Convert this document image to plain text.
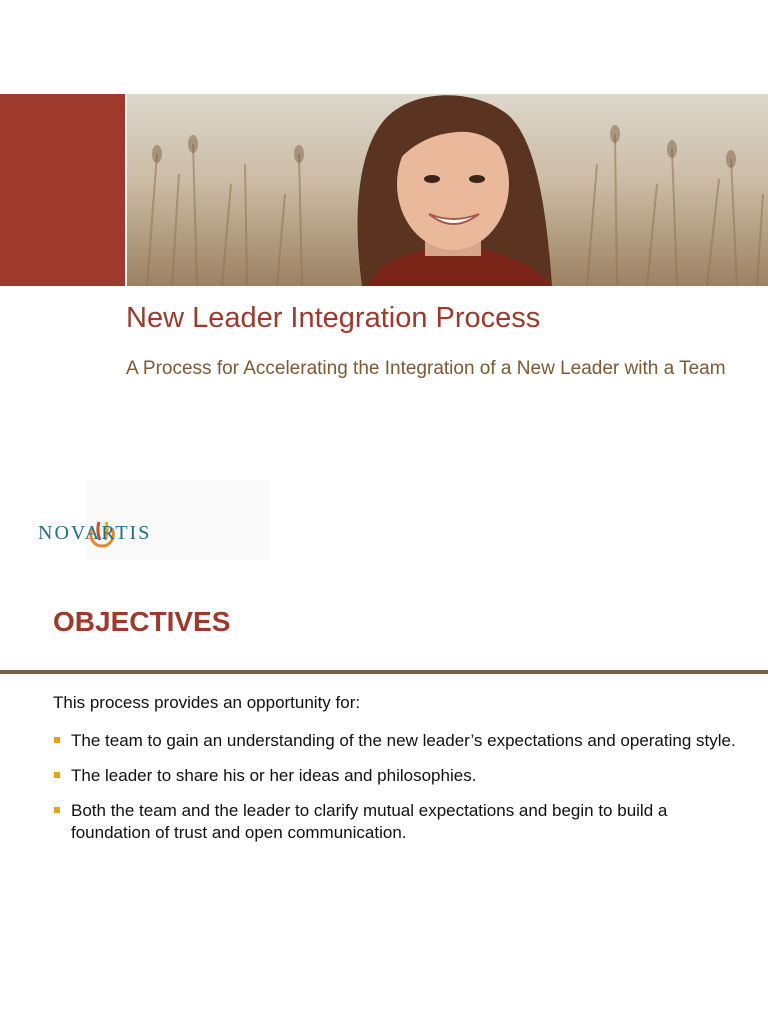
New Leader Integration Process

A Process for Accelerating the Integration of a New Leader with a Team

NOVARTIS
OBJECTIVES

This process provides an opportunity for:

The team to gain an understanding of the new leader’s expectations and operating style.
The leader to share his or her ideas and philosophies.
Both the team and the leader to clarify mutual expectations and begin to build a foundation of trust and open communication.
